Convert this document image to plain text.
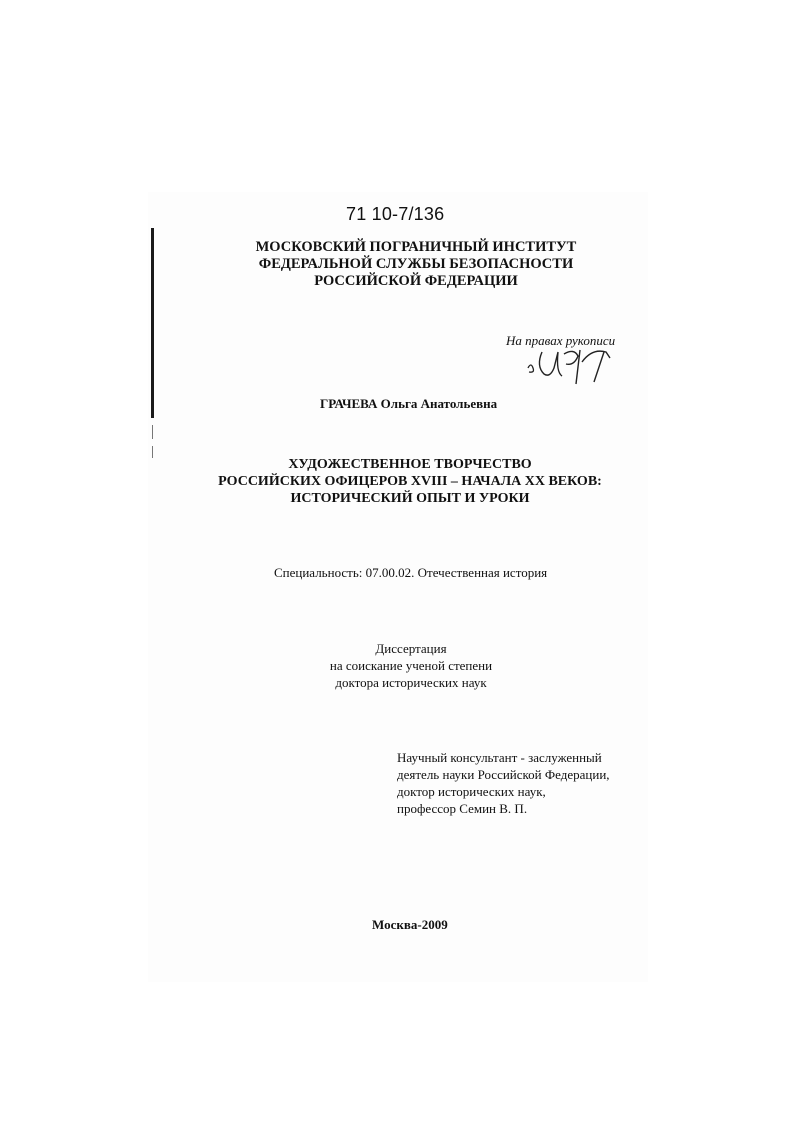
71 10-7/136
МОСКОВСКИЙ ПОГРАНИЧНЫЙ ИНСТИТУТ
ФЕДЕРАЛЬНОЙ СЛУЖБЫ БЕЗОПАСНОСТИ
РОССИЙСКОЙ ФЕДЕРАЦИИ
На правах рукописи
ГРАЧЕВА Ольга Анатольевна
ХУДОЖЕСТВЕННОЕ ТВОРЧЕСТВО
РОССИЙСКИХ ОФИЦЕРОВ XVIII – НАЧАЛА XX ВЕКОВ:
ИСТОРИЧЕСКИЙ ОПЫТ И УРОКИ
Специальность: 07.00.02. Отечественная история
Диссертация
на соискание ученой степени
доктора исторических наук
Научный консультант - заслуженный
деятель науки Российской Федерации,
доктор исторических наук,
профессор Семин В. П.
Москва-2009
